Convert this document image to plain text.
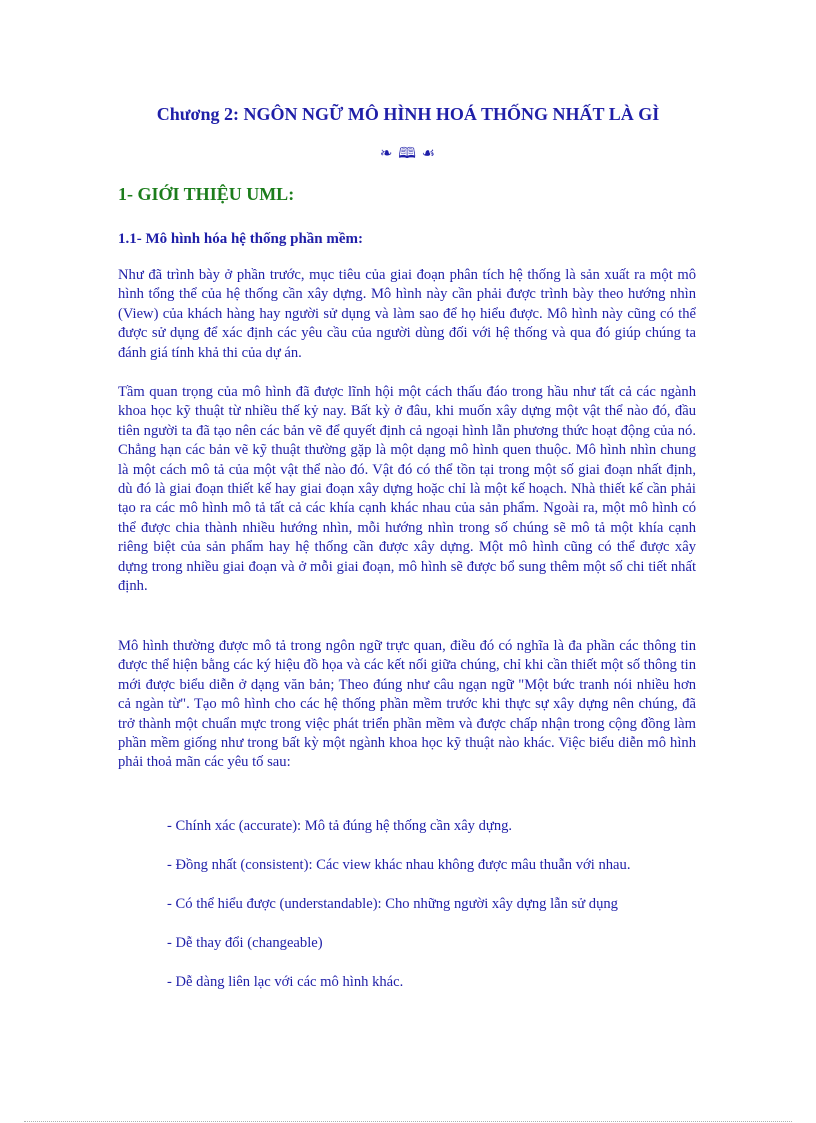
Chương 2: NGÔN NGỮ MÔ HÌNH HOÁ THỐNG NHẤT LÀ GÌ
❧ 🕮 ☙
1- GIỚI THIỆU UML:
1.1- Mô hình hóa hệ thống phần mềm:

Như đã trình bày ở phần trước, mục tiêu của giai đoạn phân tích hệ thống là sản xuất ra một mô hình tổng thể của hệ thống cần xây dựng. Mô hình này cần phải được trình bày theo hướng nhìn (View) của khách hàng hay người sử dụng và làm sao để họ hiểu được. Mô hình này cũng có thể được sử dụng để xác định các yêu cầu của người dùng đối với hệ thống và qua đó giúp chúng ta đánh giá tính khả thi của dự án.

Tầm quan trọng của mô hình đã được lĩnh hội một cách thấu đáo trong hầu như tất cả các ngành khoa học kỹ thuật từ nhiều thế kỷ nay. Bất kỳ ở đâu, khi muốn xây dựng một vật thể nào đó, đầu tiên người ta đã tạo nên các bản vẽ để quyết định cả ngoại hình lẫn phương thức hoạt động của nó. Chẳng hạn các bản vẽ kỹ thuật thường gặp là một dạng mô hình quen thuộc. Mô hình nhìn chung là một cách mô tả của một vật thể nào đó. Vật đó có thể tồn tại trong một số giai đoạn nhất định, dù đó là giai đoạn thiết kế hay giai đoạn xây dựng hoặc chỉ là một kế hoạch. Nhà thiết kế cần phải tạo ra các mô hình mô tả tất cả các khía cạnh khác nhau của sản phẩm. Ngoài ra, một mô hình có thể được chia thành nhiều hướng nhìn, mỗi hướng nhìn trong số chúng sẽ mô tả một khía cạnh riêng biệt của sản phẩm hay hệ thống cần được xây dựng. Một mô hình cũng có thể được xây dựng trong nhiều giai đoạn và ở mỗi giai đoạn, mô hình sẽ được bổ sung thêm một số chi tiết nhất định.

Mô hình thường được mô tả trong ngôn ngữ trực quan, điều đó có nghĩa là đa phần các thông tin được thể hiện bằng các ký hiệu đồ họa và các kết nối giữa chúng, chỉ khi cần thiết một số thông tin mới được biểu diễn ở dạng văn bản; Theo đúng như câu ngạn ngữ "Một bức tranh nói nhiều hơn cả ngàn từ". Tạo mô hình cho các hệ thống phần mềm trước khi thực sự xây dựng nên chúng, đã trở thành một chuẩn mực trong việc phát triển phần mềm và được chấp nhận trong cộng đồng làm phần mềm giống như trong bất kỳ một ngành khoa học kỹ thuật nào khác. Việc biểu diễn mô hình phải thoả mãn các yêu tố sau:

- Chính xác (accurate): Mô tả đúng hệ thống cần xây dựng.
- Đồng nhất (consistent): Các view khác nhau không được mâu thuẫn với nhau.
- Có thể hiểu được (understandable): Cho những người xây dựng lẫn sử dụng
- Dễ thay đổi (changeable)
- Dễ dàng liên lạc với các mô hình khác.
